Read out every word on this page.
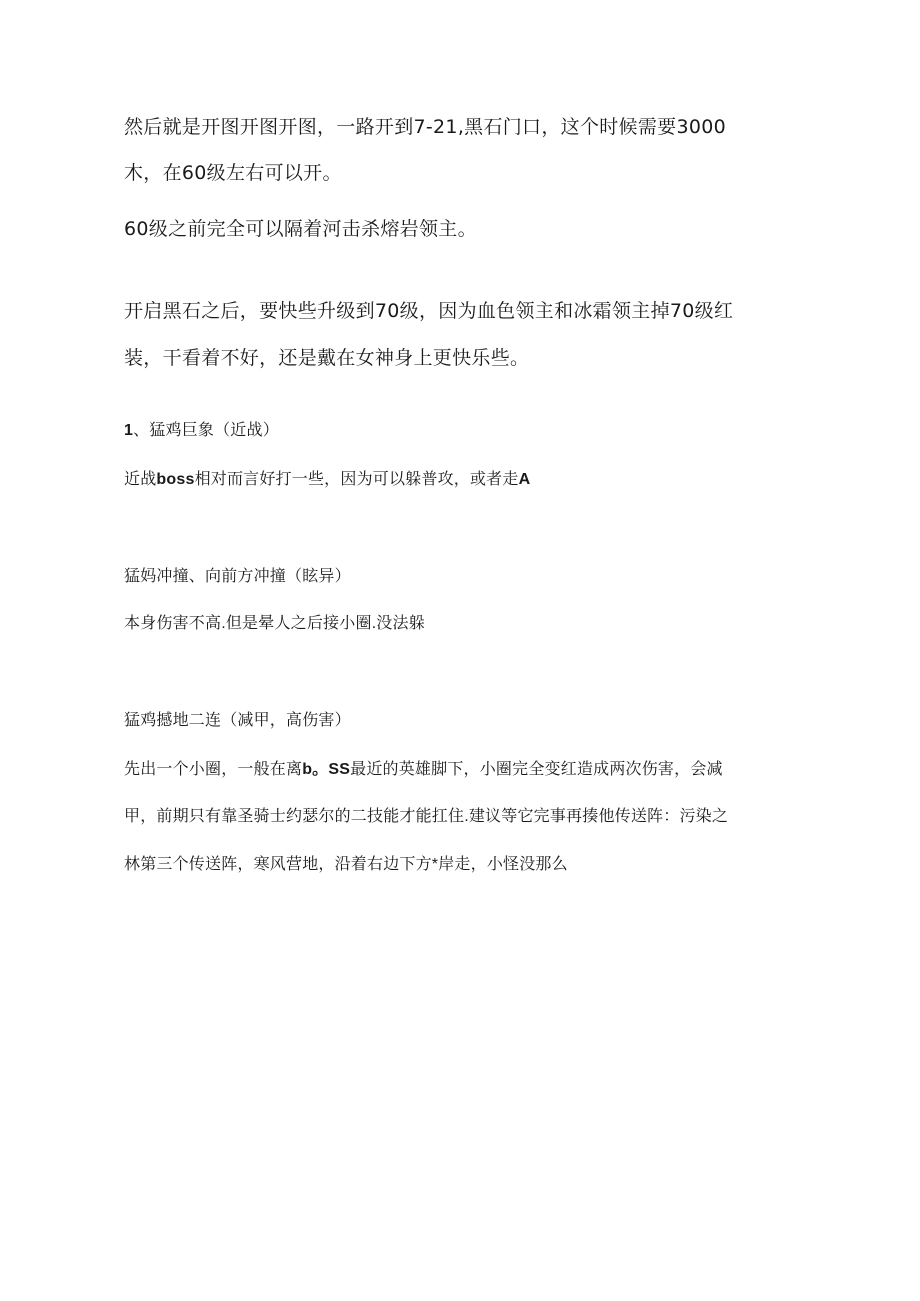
然后就是开图开图开图，一路开到7-21,黑石门口，这个时候需要3000
木，在60级左右可以开。
60级之前完全可以隔着河击杀熔岩领主。
开启黑石之后，要快些升级到70级，因为血色领主和冰霜领主掉70级红
装，干看着不好，还是戴在女神身上更快乐些。
1、猛鸡巨象（近战）
近战boss相对而言好打一些，因为可以躲普攻，或者走A
猛妈冲撞、向前方冲撞（眩异）
本身伤害不高.但是晕人之后接小圈.没法躲
猛鸡撼地二连（减甲，高伤害）
先出一个小圈，一般在离b。SS最近的英雄脚下，小圈完全变红造成两次伤害，会减
甲，前期只有靠圣骑士约瑟尔的二技能才能扛住.建议等它完事再揍他传送阵：污染之
林第三个传送阵，寒风营地，沿着右边下方*岸走，小怪没那么
